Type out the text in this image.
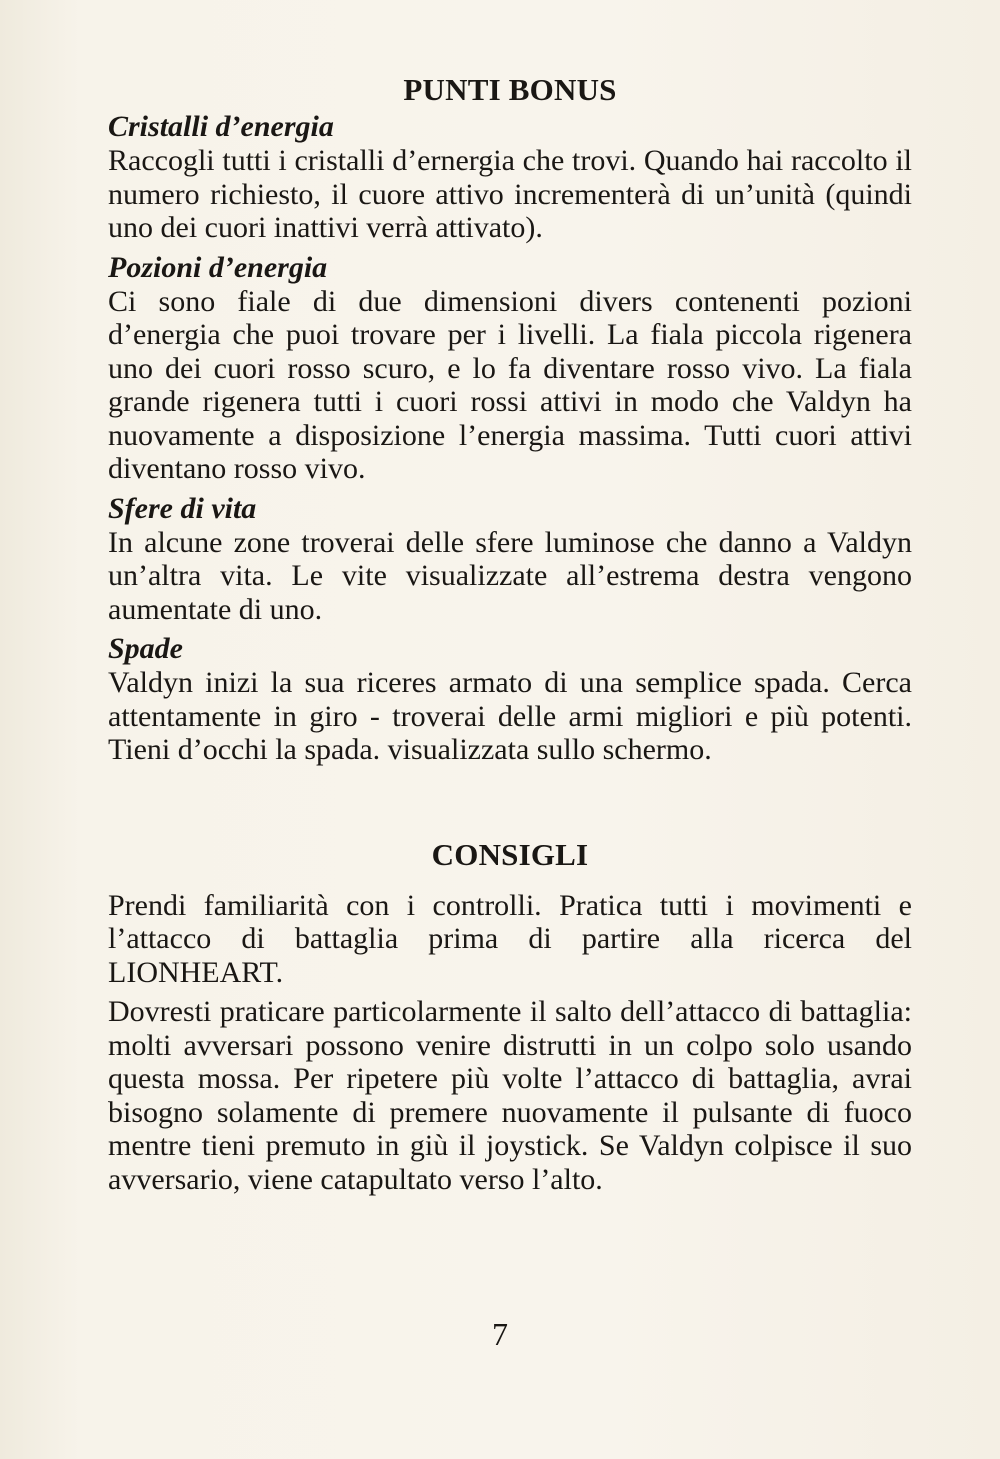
PUNTI BONUS
Cristalli d’energia

Raccogli tutti i cristalli d’ernergia che trovi. Quando hai raccolto il numero richiesto, il cuore attivo incrementerà di un’unità (quindi uno dei cuori inattivi verrà attivato).

Pozioni d’energia

Ci sono fiale di due dimensioni divers contenenti pozioni d’energia che puoi trovare per i livelli. La fiala piccola rigenera uno dei cuori rosso scuro, e lo fa diventare rosso vivo. La fiala grande rigenera tutti i cuori rossi attivi in modo che Valdyn ha nuovamente a disposizione l’energia massima. Tutti cuori attivi diventano rosso vivo.

Sfere di vita

In alcune zone troverai delle sfere luminose che danno a Valdyn un’altra vita. Le vite visualizzate all’estrema destra vengono aumentate di uno.

Spade

Valdyn inizi la sua riceres armato di una semplice spada. Cerca attentamente in giro - troverai delle armi migliori e più potenti. Tieni d’occhi la spada. visualizzata sullo schermo.

CONSIGLI

Prendi familiarità con i controlli. Pratica tutti i movimenti e l’attacco di battaglia prima di partire alla ricerca del LIONHEART.

Dovresti praticare particolarmente il salto dell’attacco di battaglia: molti avversari possono venire distrutti in un colpo solo usando questa mossa. Per ripetere più volte l’attacco di battaglia, avrai bisogno solamente di premere nuovamente il pulsante di fuoco mentre tieni premuto in giù il joystick. Se Valdyn colpisce il suo avversario, viene catapultato verso l’alto.

7
